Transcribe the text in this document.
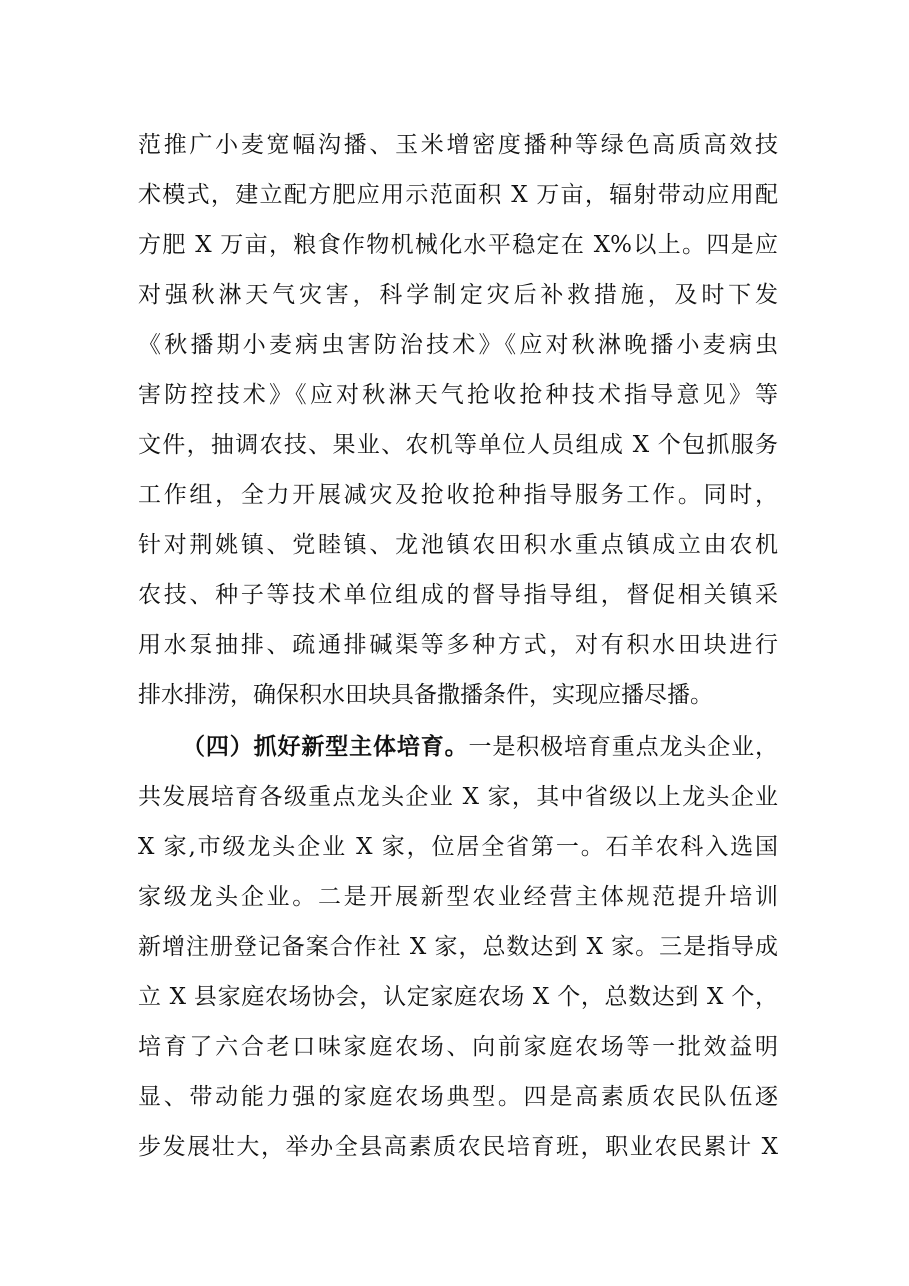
范推广小麦宽幅沟播、玉米增密度播种等绿色高质高效技
术模式，建立配方肥应用示范面积 X 万亩，辐射带动应用配
方肥 X 万亩，粮食作物机械化水平稳定在 X%以上。四是应
对强秋淋天气灾害，科学制定灾后补救措施，及时下发
《秋播期小麦病虫害防治技术》《应对秋淋晚播小麦病虫
害防控技术》《应对秋淋天气抢收抢种技术指导意见》等
文件，抽调农技、果业、农机等单位人员组成 X 个包抓服务
工作组，全力开展减灾及抢收抢种指导服务工作。同时，
针对荆姚镇、党睦镇、龙池镇农田积水重点镇成立由农机
农技、种子等技术单位组成的督导指导组，督促相关镇采
用水泵抽排、疏通排碱渠等多种方式，对有积水田块进行
排水排涝，确保积水田块具备撒播条件，实现应播尽播。
（四）抓好新型主体培育。一是积极培育重点龙头企业，
共发展培育各级重点龙头企业 X 家，其中省级以上龙头企业
X 家,市级龙头企业 X 家，位居全省第一。石羊农科入选国
家级龙头企业。二是开展新型农业经营主体规范提升培训
新增注册登记备案合作社 X 家，总数达到 X 家。三是指导成
立 X 县家庭农场协会，认定家庭农场 X 个，总数达到 X 个，
培育了六合老口味家庭农场、向前家庭农场等一批效益明
显、带动能力强的家庭农场典型。四是高素质农民队伍逐
步发展壮大，举办全县高素质农民培育班，职业农民累计 X
